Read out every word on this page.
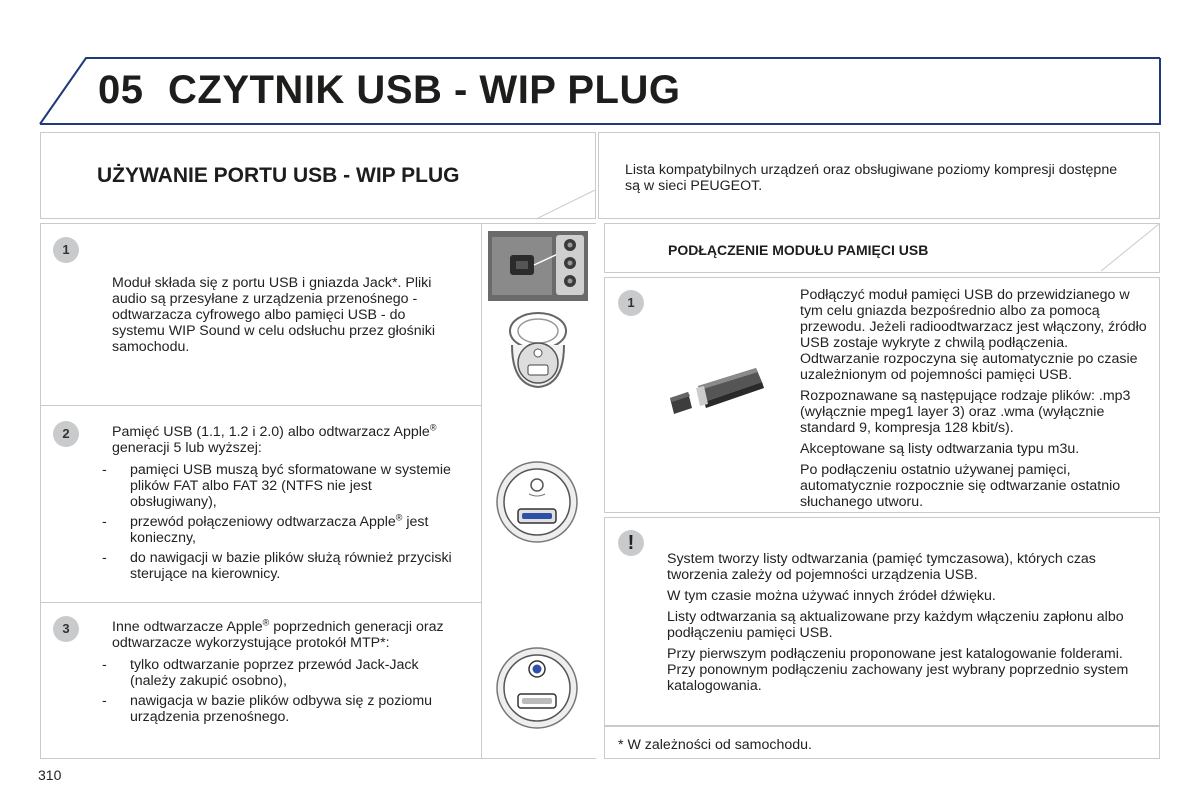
05 CZYTNIK USB - WIP PLUG
UŻYWANIE PORTU USB - WIP PLUG	Lista kompatybilnych urządzeń oraz obsługiwane poziomy kompresji dostępne są w sieci PEUGEOT.
1
Moduł składa się z portu USB i gniazda Jack*. Pliki audio są przesyłane z urządzenia przenośnego - odtwarzacza cyfrowego albo pamięci USB - do systemu WIP Sound w celu odsłuchu przez głośniki samochodu.
2	Pamięć USB (1.1, 1.2 i 2.0) albo odtwarzacz Apple® generacji 5 lub wyższej:
- pamięci USB muszą być sformatowane w systemie plików FAT albo FAT 32 (NTFS nie jest obsługiwany),
- przewód połączeniowy odtwarzacza Apple® jest konieczny,
- do nawigacji w bazie plików służą również przyciski sterujące na kierownicy.
3	Inne odtwarzacze Apple® poprzednich generacji oraz odtwarzacze wykorzystujące protokół MTP*:
- tylko odtwarzanie poprzez przewód Jack-Jack (należy zakupić osobno),
- nawigacja w bazie plików odbywa się z poziomu urządzenia przenośnego.
PODŁĄCZENIE MODUŁU PAMIĘCI USB
1	Podłączyć moduł pamięci USB do przewidzianego w tym celu gniazda bezpośrednio albo za pomocą przewodu. Jeżeli radioodtwarzacz jest włączony, źródło USB zostaje wykryte z chwilą podłączenia. Odtwarzanie rozpoczyna się automatycznie po czasie uzależnionym od pojemności pamięci USB.
Rozpoznawane są następujące rodzaje plików: .mp3 (wyłącznie mpeg1 layer 3) oraz .wma (wyłącznie standard 9, kompresja 128 kbit/s).
Akceptowane są listy odtwarzania typu m3u.
Po podłączeniu ostatnio używanej pamięci, automatycznie rozpocznie się odtwarzanie ostatnio słuchanego utworu.
!
System tworzy listy odtwarzania (pamięć tymczasowa), których czas tworzenia zależy od pojemności urządzenia USB.
W tym czasie można używać innych źródeł dźwięku.
Listy odtwarzania są aktualizowane przy każdym włączeniu zapłonu albo podłączeniu pamięci USB.
Przy pierwszym podłączeniu proponowane jest katalogowanie folderami. Przy ponownym podłączeniu zachowany jest wybrany poprzednio system katalogowania.
* W zależności od samochodu.
310
